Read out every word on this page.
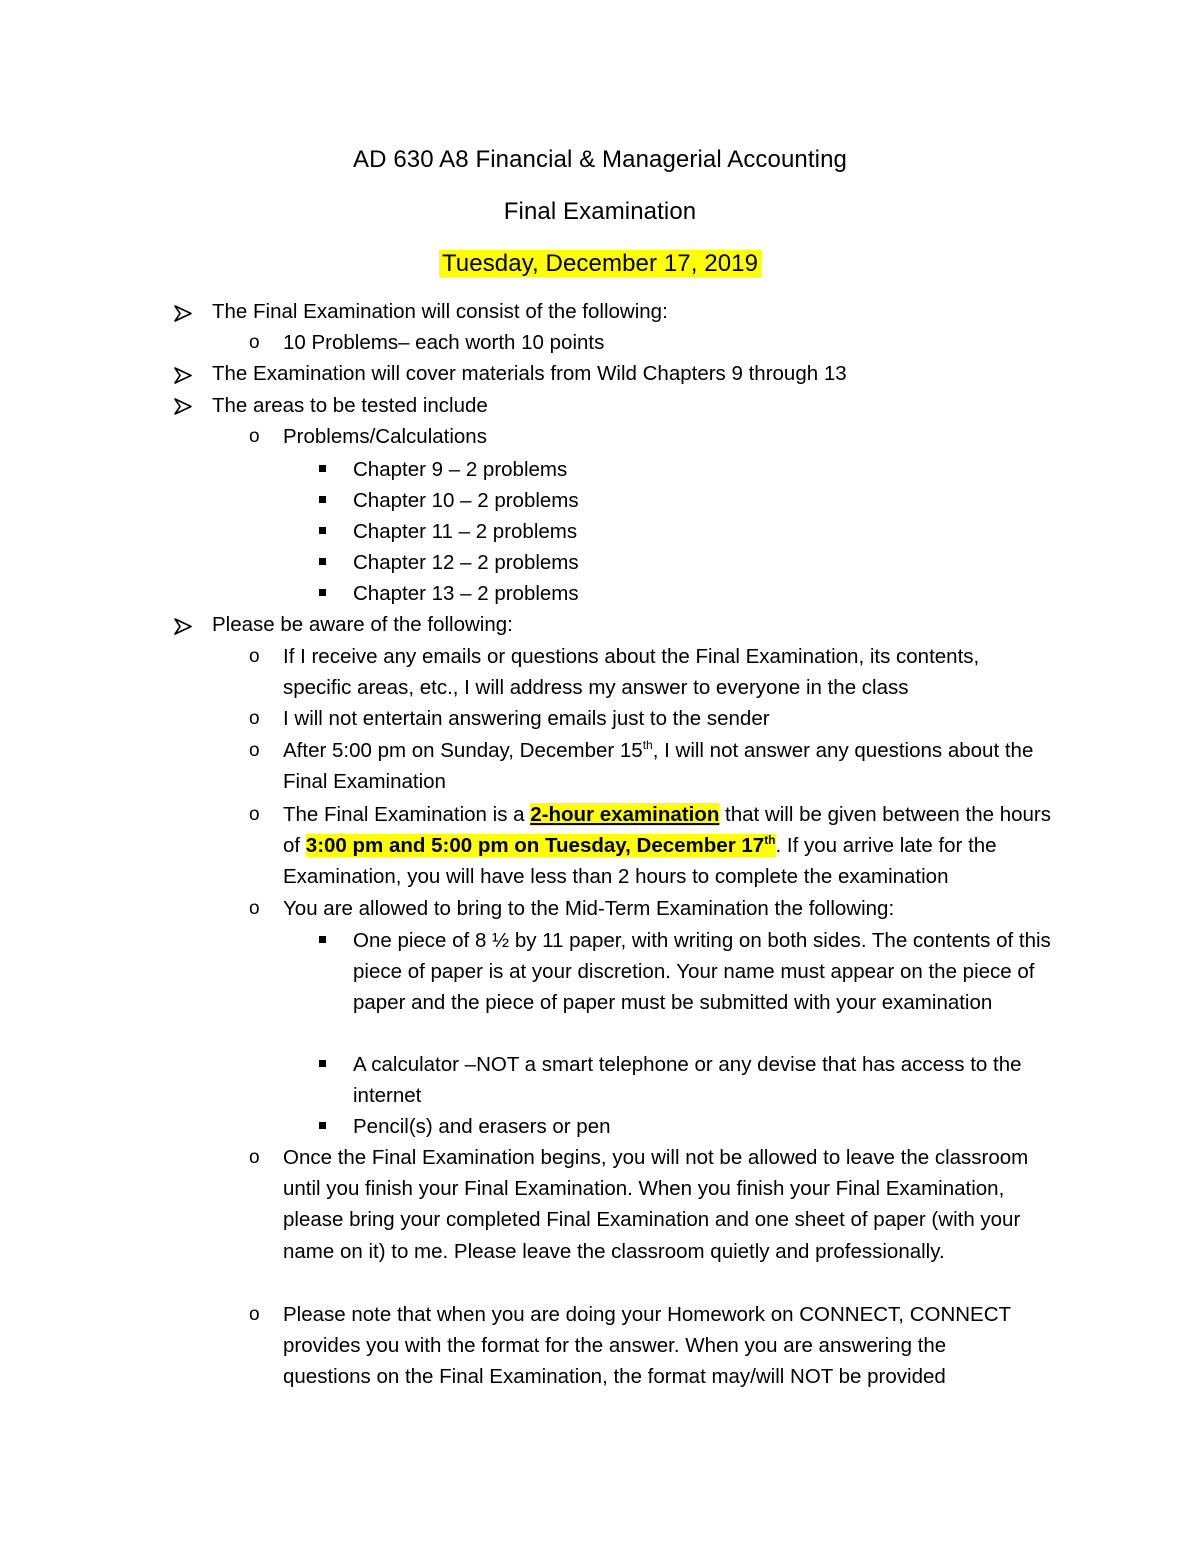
AD 630 A8 Financial & Managerial Accounting
Final Examination
Tuesday, December 17, 2019
The Final Examination will consist of the following:
o 10 Problems– each worth 10 points
The Examination will cover materials from Wild Chapters 9 through 13
The areas to be tested include
o Problems/Calculations
Chapter 9 – 2 problems
Chapter 10 – 2 problems
Chapter 11 – 2 problems
Chapter 12 – 2 problems
Chapter 13 – 2 problems
Please be aware of the following:
o If I receive any emails or questions about the Final Examination, its contents, specific areas, etc., I will address my answer to everyone in the class
o I will not entertain answering emails just to the sender
o After 5:00 pm on Sunday, December 15th, I will not answer any questions about the Final Examination
o The Final Examination is a 2-hour examination that will be given between the hours of 3:00 pm and 5:00 pm on Tuesday, December 17th. If you arrive late for the Examination, you will have less than 2 hours to complete the examination
o You are allowed to bring to the Mid-Term Examination the following:
One piece of 8 ½ by 11 paper, with writing on both sides. The contents of this piece of paper is at your discretion. Your name must appear on the piece of paper and the piece of paper must be submitted with your examination
A calculator –NOT a smart telephone or any devise that has access to the internet
Pencil(s) and erasers or pen
o Once the Final Examination begins, you will not be allowed to leave the classroom until you finish your Final Examination. When you finish your Final Examination, please bring your completed Final Examination and one sheet of paper (with your name on it) to me. Please leave the classroom quietly and professionally.
o Please note that when you are doing your Homework on CONNECT, CONNECT provides you with the format for the answer. When you are answering the questions on the Final Examination, the format may/will NOT be provided
